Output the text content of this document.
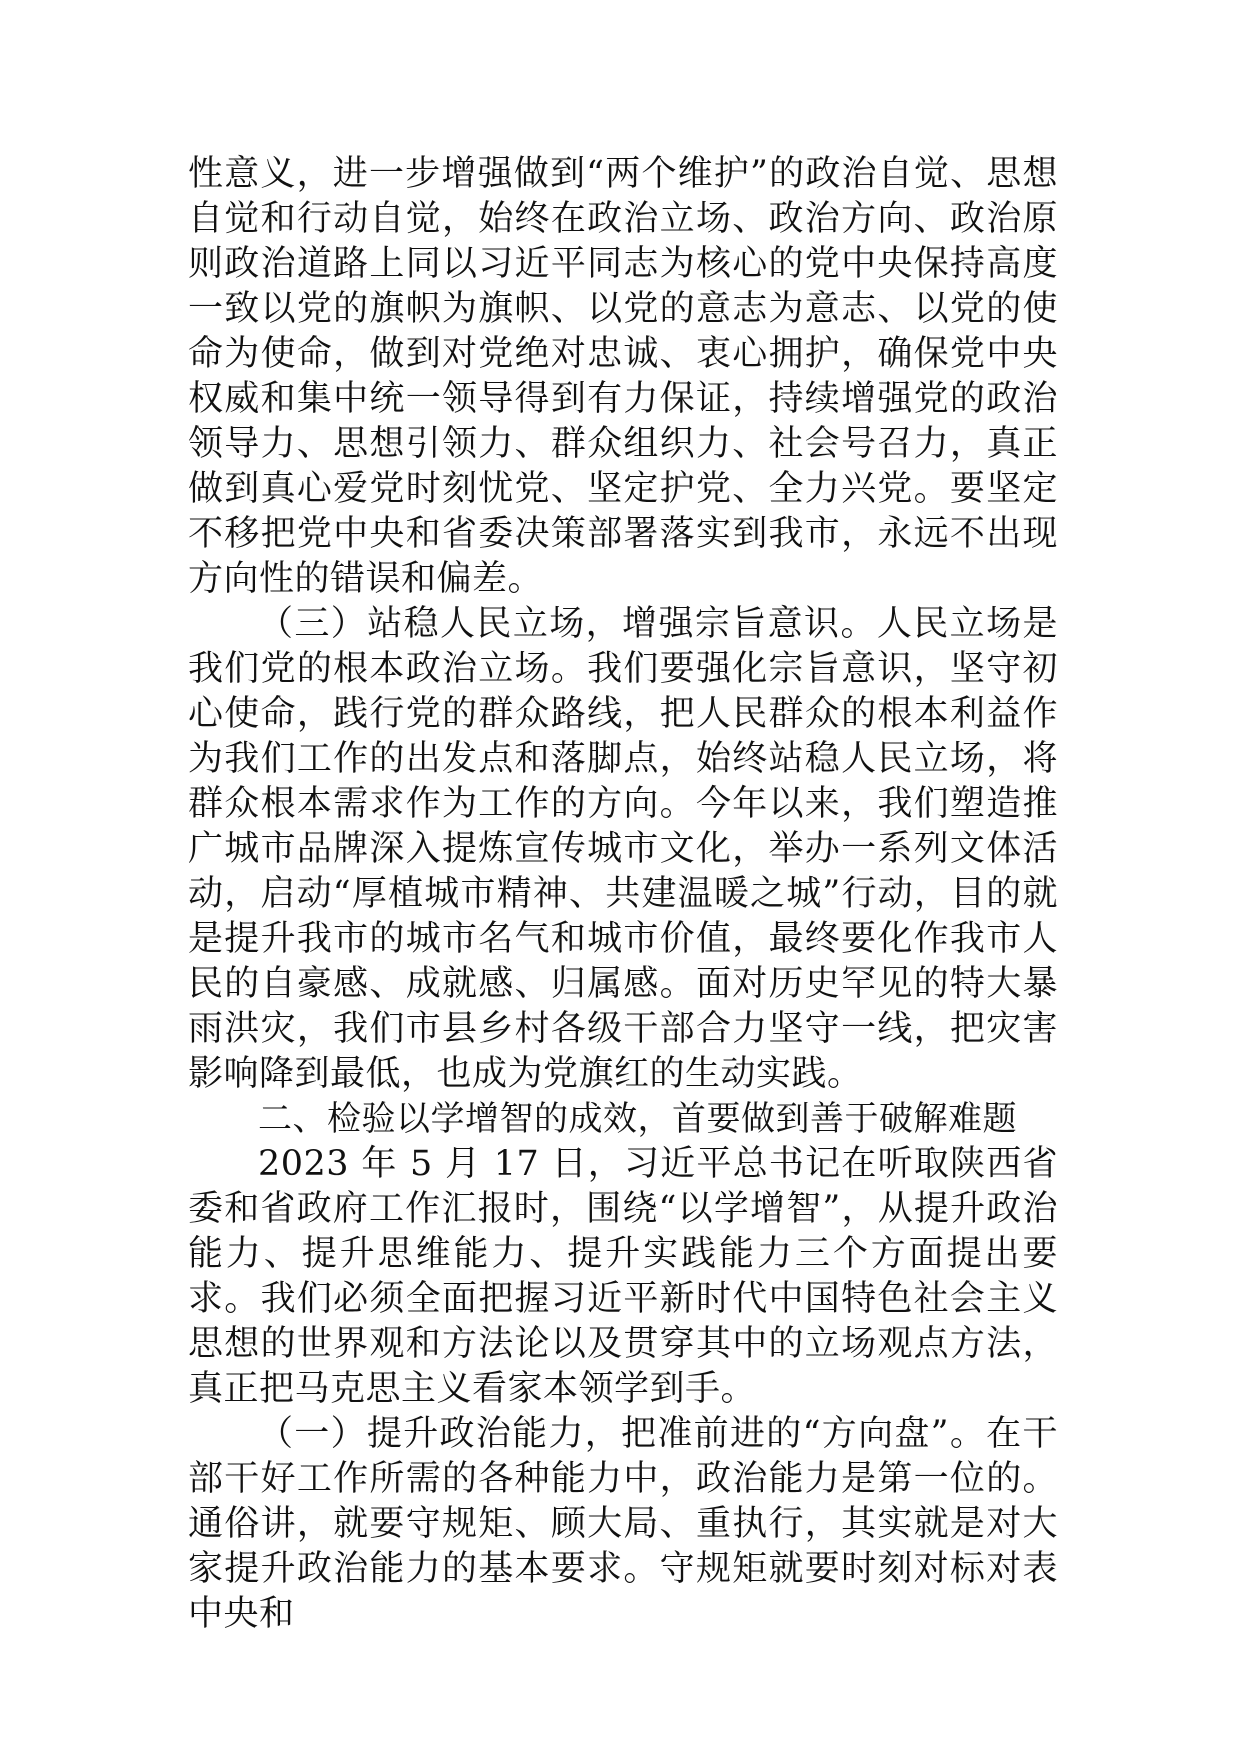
性意义，进一步增强做到“两个维护”的政治自觉、思想自觉和行动自觉，始终在政治立场、政治方向、政治原则政治道路上同以习近平同志为核心的党中央保持高度一致以党的旗帜为旗帜、以党的意志为意志、以党的使命为使命，做到对党绝对忠诚、衷心拥护，确保党中央权威和集中统一领导得到有力保证，持续增强党的政治领导力、思想引领力、群众组织力、社会号召力，真正做到真心爱党时刻忧党、坚定护党、全力兴党。要坚定不移把党中央和省委决策部署落实到我市，永远不出现方向性的错误和偏差。

（三）站稳人民立场，增强宗旨意识。人民立场是我们党的根本政治立场。我们要强化宗旨意识，坚守初心使命，践行党的群众路线，把人民群众的根本利益作为我们工作的出发点和落脚点，始终站稳人民立场，将群众根本需求作为工作的方向。今年以来，我们塑造推广城市品牌深入提炼宣传城市文化，举办一系列文体活动，启动“厚植城市精神、共建温暖之城”行动，目的就是提升我市的城市名气和城市价值，最终要化作我市人民的自豪感、成就感、归属感。面对历史罕见的特大暴雨洪灾，我们市县乡村各级干部合力坚守一线，把灾害影响降到最低，也成为党旗红的生动实践。

二、检验以学增智的成效，首要做到善于破解难题

2023 年 5 月 17 日，习近平总书记在听取陕西省委和省政府工作汇报时，围绕“以学增智”，从提升政治能力、提升思维能力、提升实践能力三个方面提出要求。我们必须全面把握习近平新时代中国特色社会主义思想的世界观和方法论以及贯穿其中的立场观点方法，真正把马克思主义看家本领学到手。

（一）提升政治能力，把准前进的“方向盘”。在干部干好工作所需的各种能力中，政治能力是第一位的。通俗讲，就要守规矩、顾大局、重执行，其实就是对大家提升政治能力的基本要求。守规矩就要时刻对标对表中央和
